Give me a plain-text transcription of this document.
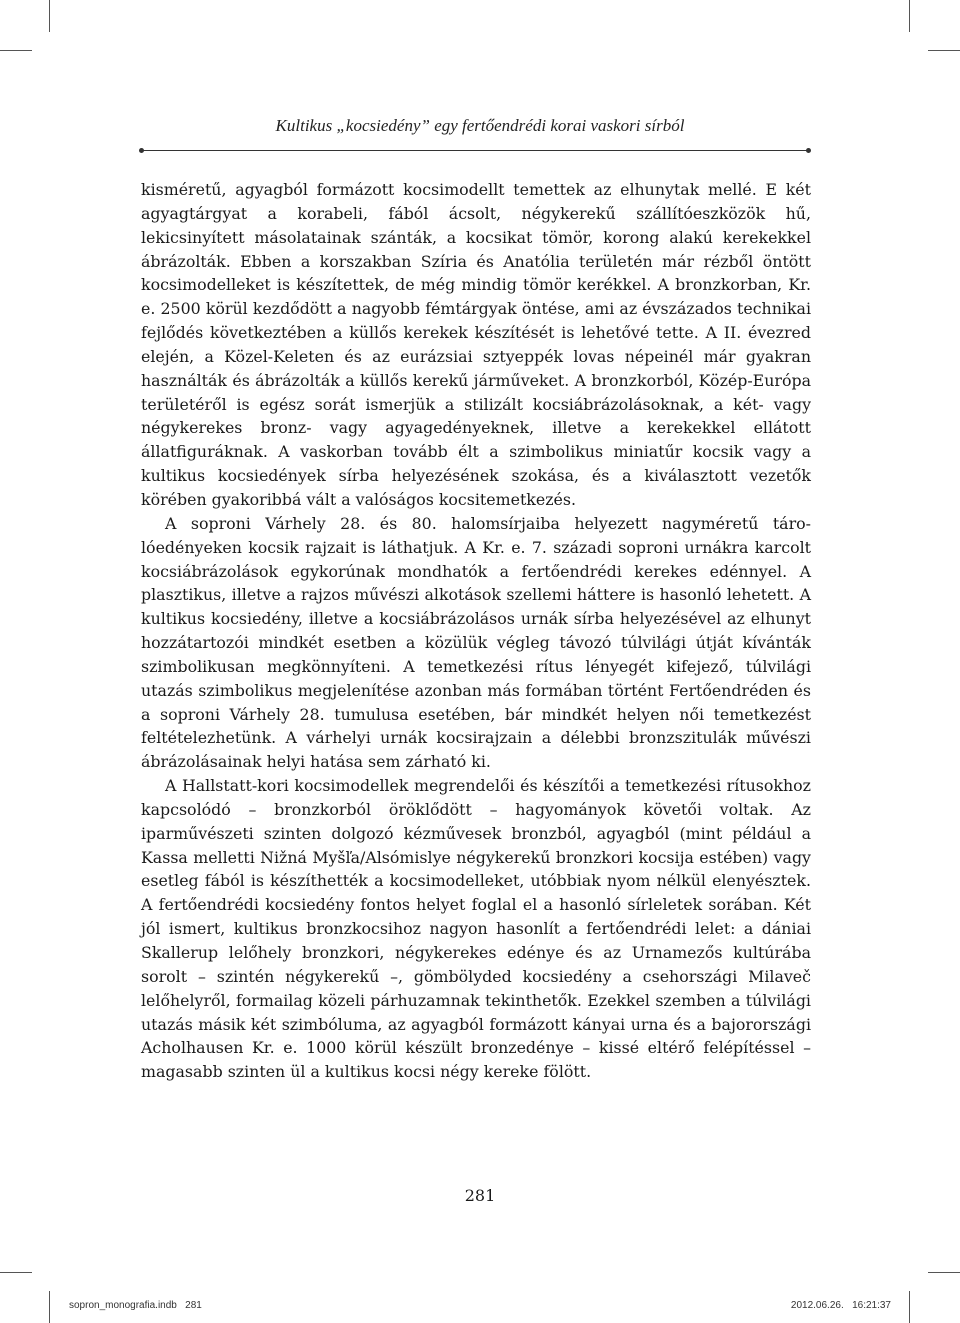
Kultikus „kocsiedény” egy fertőendrédi korai vaskori sírból

kisméretű, agyagból formázott kocsimodellt temettek az elhunytak mellé. E két agyagtárgyat a korabeli, fából ácsolt, négykerekű szállítóeszközök hű, lekicsinyített másolatainak szánták, a kocsikat tömör, korong alakú kerekekkel ábrázolták. Ebben a korszakban Szíria és Anatólia területén már rézből öntött kocsimodelleket is készítettek, de még mindig tömör kerékkel. A bronzkorban, Kr. e. 2500 körül kezdődött a nagyobb fémtárgyak öntése, ami az évszázados technikai fejlődés következtében a küllős kerekek készítését is lehetővé tette. A II. évezred elején, a Közel-Keleten és az eurázsiai sztyeppék lovas népeinél már gyakran használták és ábrázolták a küllős kerekű járműveket. A bronzkorból, Közép-Európa területéről is egész sorát ismerjük a stilizált kocsiábrázolásoknak, a két- vagy négykerekes bronz- vagy agyagedényeknek, illetve a kerekekkel ellátott állatfiguráknak. A vaskorban tovább élt a szimbolikus miniatűr kocsik vagy a kultikus kocsiedények sírba helyezésének szokása, és a kiválasztott vezetők körében gyakoribbá vált a valóságos kocsitemetkezés.

A soproni Várhely 28. és 80. halomsírjaiba helyezett nagyméretű tárolóedényeken kocsik rajzait is láthatjuk. A Kr. e. 7. századi soproni urnákra karcolt kocsiábrázolások egykorúnak mondhatók a fertőendrédi kerekes edénnyel. A plasztikus, illetve a rajzos művészi alkotások szellemi háttere is hasonló lehetett. A kultikus kocsiedény, illetve a kocsiábrázolásos urnák sírba helyezésével az elhunyt hozzátartozói mindkét esetben a közülük végleg távozó túlvilági útját kívánták szimbolikusan megkönnyíteni. A temetkezési rítus lényegét kifejező, túlvilági utazás szimbolikus megjelenítése azonban más formában történt Fertőendréden és a soproni Várhely 28. tumulusa esetében, bár mindkét helyen női temetkezést feltételezhetünk. A várhelyi urnák kocsirajzain a délebbi bronzszitulák művészi ábrázolásainak helyi hatása sem zárható ki.

A Hallstatt-kori kocsimodellek megrendelői és készítői a temetkezési rítusokhoz kapcsolódó – bronzkorból öröklődött – hagyományok követői voltak. Az iparművészeti szinten dolgozó kézművesek bronzból, agyagból (mint például a Kassa melletti Nižná Myšľa/Alsómislye négykerekű bronzkori kocsija estében) vagy esetleg fából is készíthették a kocsimodelleket, utóbbiak nyom nélkül elenyésztek. A fertőendrédi kocsiedény fontos helyet foglal el a hasonló sírleletek sorában. Két jól ismert, kultikus bronzkocsihoz nagyon hasonlít a fertőendrédi lelet: a dániai Skallerup lelőhely bronzkori, négykerekes edénye és az Urnamezős kultúrába sorolt – szintén négykerekű –, gömbölyded kocsiedény a csehországi Milaveč lelőhelyről, formailag közeli párhuzamnak tekinthetők. Ezekkel szemben a túlvilági utazás másik két szimbóluma, az agyagból formázott kányai urna és a bajorországi Acholhausen Kr. e. 1000 körül készült bronzedénye – kissé eltérő felépítéssel – magasabb szinten ül a kultikus kocsi négy kereke fölött.

281
sopron_monografia.indb   281	2012.06.26.   16:21:37
